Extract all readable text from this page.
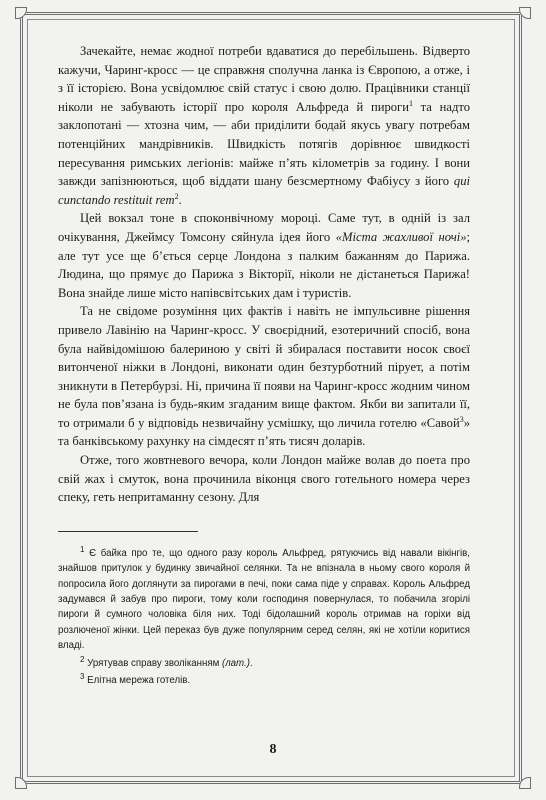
Зачекайте, немає жодної потреби вдаватися до перебільшень. Відверто кажучи, Чаринг-кросс — це справжня сполучна ланка із Європою, а отже, і з її історією. Вона усвідомлює свій статус і свою долю. Працівники станції ніколи не забувають історії про короля Альфреда й пироги$^1$ та надто заклопотані — хтозна чим, — аби приділити бодай якусь увагу потребам потенційних мандрівників. Швидкість потягів дорівнює швидкості пересування римських легіонів: майже п’ять кілометрів за годину. І вони завжди запізнюються, щоб віддати шану безсмертному Фабіусу з його qui cunctando restituit rem$^2$.

Цей вокзал тоне в споконвічному мороці. Саме тут, в одній із зал очікування, Джеймсу Томсону сяйнула ідея його «Міста жахливої ночі»; але тут усе ще б’ється серце Лондона з палким бажанням до Парижа. Людина, що прямує до Парижа з Вікторії, ніколи не дістанеться Парижа! Вона знайде лише місто напівсвітських дам і туристів.

Та не свідоме розуміння цих фактів і навіть не імпульсивне рішення привело Лавінію на Чаринг-кросс. У своєрідний, езотеричний спосіб, вона була найвідомішою балериною у світі й збиралася поставити носок своєї витонченої ніжки в Лондоні, виконати один безтурботний пірует, а потім зникнути в Петербурзі. Ні, причина її появи на Чаринг-кросс жодним чином не була пов’язана із будь-яким згаданим вище фактом. Якби ви запитали її, то отримали б у відповідь незвичайну усмішку, що личила готелю «Савой$^3$» та банківському рахунку на сімдесят п’ять тисяч доларів.

Отже, того жовтневого вечора, коли Лондон майже волав до поета про свій жах і смуток, вона прочинила віконця свого готельного номера через спеку, геть непритаманну сезону. Для

$^1$ Є байка про те, що одного разу король Альфред, рятуючись від навали вікінгів, знайшов притулок у будинку звичайної селянки. Та не впізнала в ньому свого короля й попросила його доглянути за пирогами в печі, поки сама піде у справах. Король Альфред задумався й забув про пироги, тому коли господиня повернулася, то побачила згорілі пироги й сумного чоловіка біля них. Тоді бідолашний король отримав на горіхи від розлюченої жінки. Цей переказ був дуже популярним серед селян, які не хотіли коритися владі.

$^2$ Урятував справу зволіканням (лат.).

$^3$ Елітна мережа готелів.

8
